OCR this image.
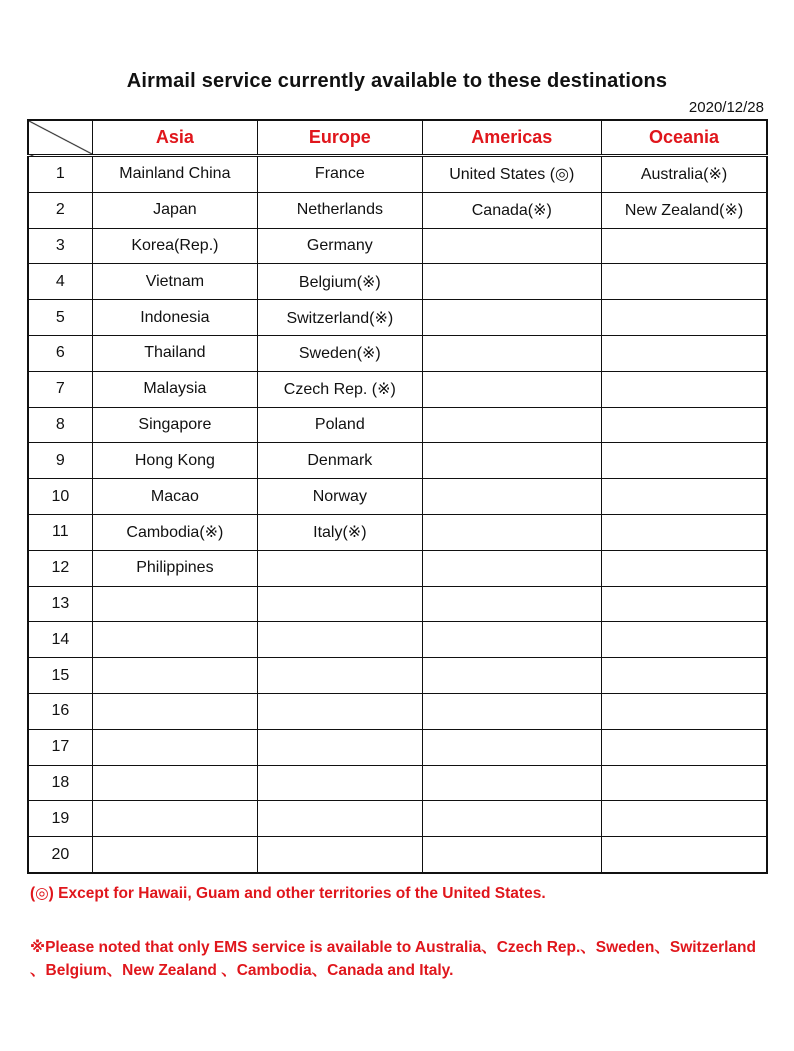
Airmail service currently available to these destinations
2020/12/28
	Asia	Europe	Americas	Oceania
1	Mainland China	France	United States (◎)	Australia(※)
2	Japan	Netherlands	Canada(※)	New Zealand(※)
3	Korea(Rep.)	Germany		
4	Vietnam	Belgium(※)		
5	Indonesia	Switzerland(※)		
6	Thailand	Sweden(※)		
7	Malaysia	Czech Rep. (※)		
8	Singapore	Poland		
9	Hong Kong	Denmark		
10	Macao	Norway		
11	Cambodia(※)	Italy(※)		
12	Philippines			
13				
14				
15				
16				
17				
18				
19				
20				
(◎) Except for Hawaii, Guam and other territories of the United States.
※Please noted that only EMS service is available to Australia、Czech Rep.、Sweden、Switzerland 、Belgium、New Zealand 、Cambodia、Canada and Italy.
